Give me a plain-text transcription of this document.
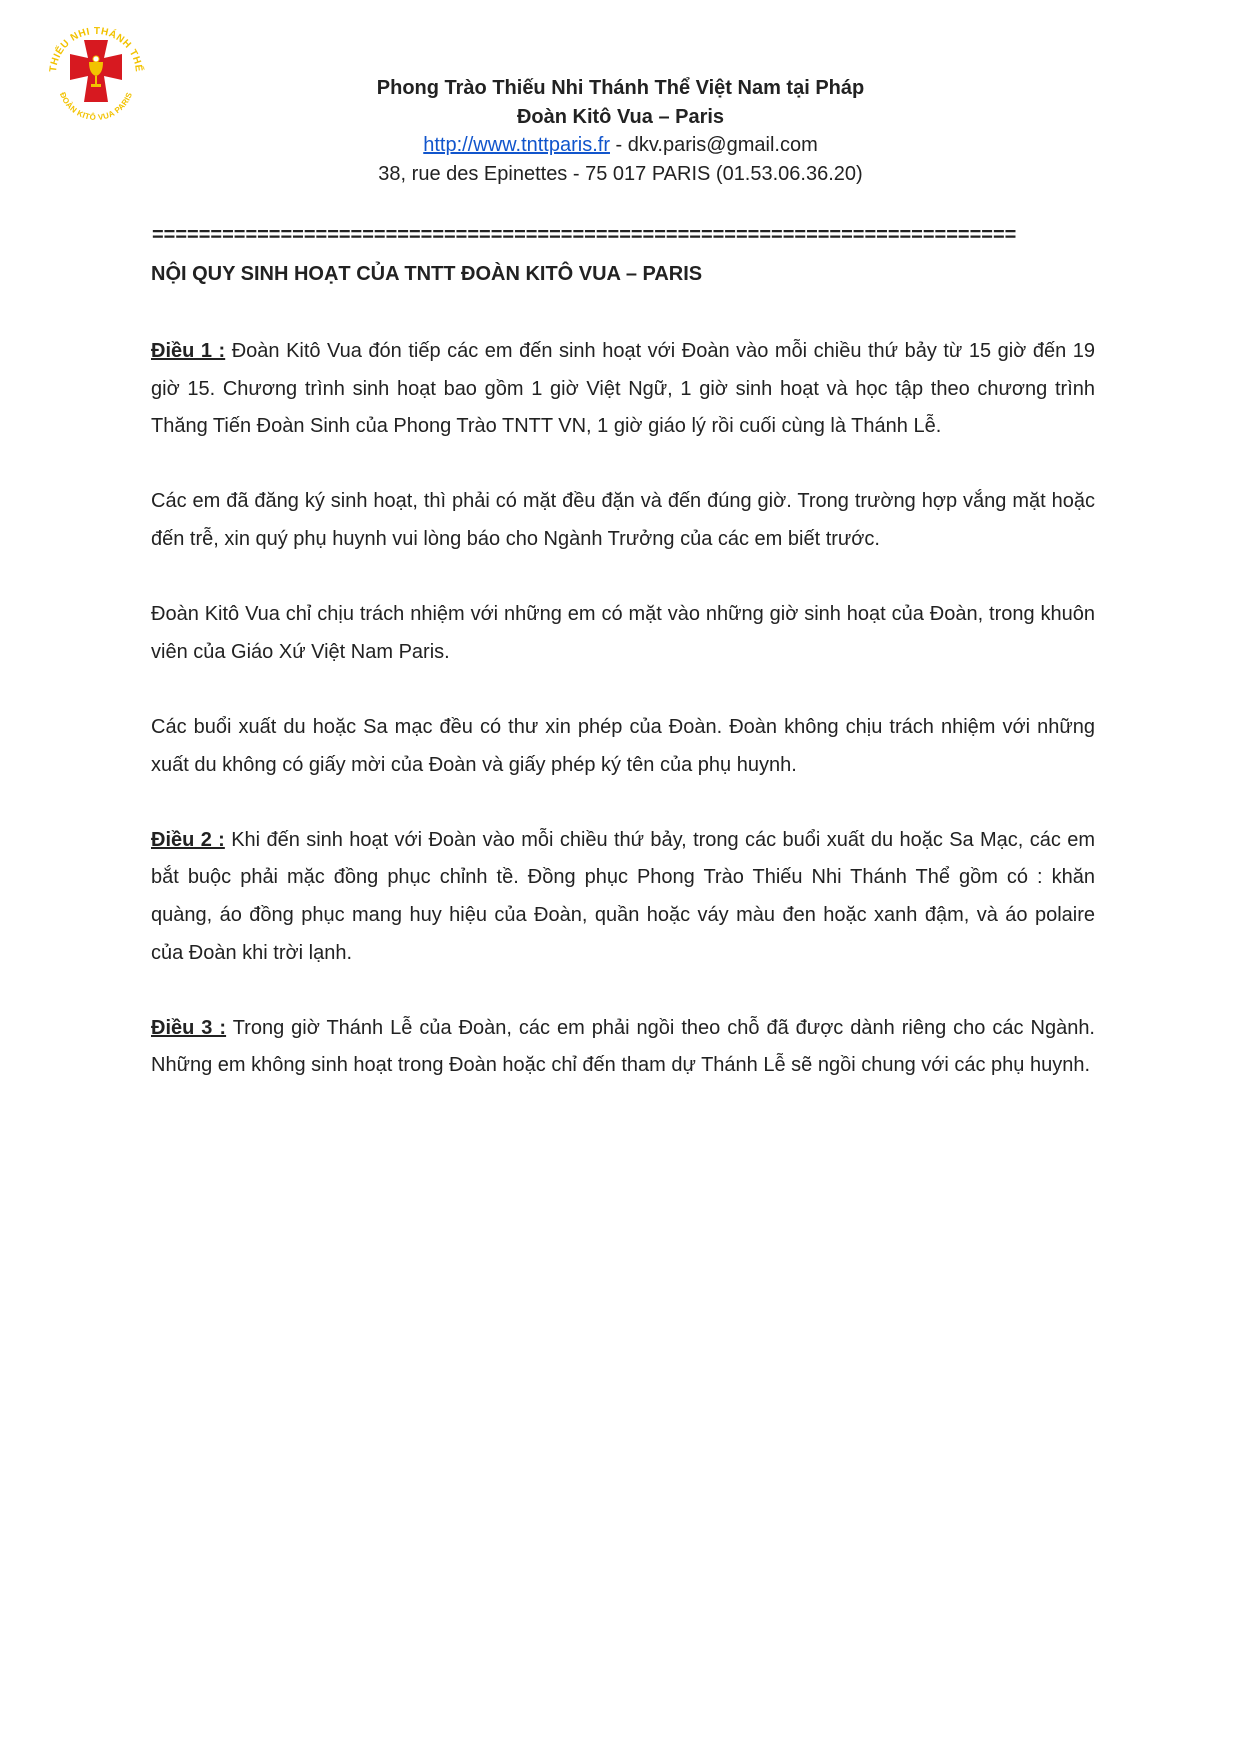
THIẾU NHI THÁNH THỂ
ĐOÀN KITÔ VUA PARIS	Phong Trào Thiếu Nhi Thánh Thể Việt Nam tại Pháp
Đoàn Kitô Vua – Paris
http://www.tnttparis.fr - dkv.paris@gmail.com
38, rue des Epinettes - 75 017 PARIS (01.53.06.36.20)
==========================================================================
NỘI QUY SINH HOẠT CỦA TNTT ĐOÀN KITÔ VUA – PARIS

Điều 1 : Đoàn Kitô Vua đón tiếp các em đến sinh hoạt với Đoàn vào mỗi chiều thứ bảy từ 15 giờ đến 19 giờ 15. Chương trình sinh hoạt bao gồm 1 giờ Việt Ngữ, 1 giờ sinh hoạt và học tập theo chương trình Thăng Tiến Đoàn Sinh của Phong Trào TNTT VN, 1 giờ giáo lý rồi cuối cùng là Thánh Lễ.

Các em đã đăng ký sinh hoạt, thì phải có mặt đều đặn và đến đúng giờ. Trong trường hợp vắng mặt hoặc đến trễ, xin quý phụ huynh vui lòng báo cho Ngành Trưởng của các em biết trước.

Đoàn Kitô Vua chỉ chịu trách nhiệm với những em có mặt vào những giờ sinh hoạt của Đoàn, trong khuôn viên của Giáo Xứ Việt Nam Paris.

Các buổi xuất du hoặc Sa mạc đều có thư xin phép của Đoàn. Đoàn không chịu trách nhiệm với những xuất du không có giấy mời của Đoàn và giấy phép ký tên của phụ huynh.

Điều 2 : Khi đến sinh hoạt với Đoàn vào mỗi chiều thứ bảy, trong các buổi xuất du hoặc Sa Mạc, các em bắt buộc phải mặc đồng phục chỉnh tề. Đồng phục Phong Trào Thiếu Nhi Thánh Thể gồm có : khăn quàng, áo đồng phục mang huy hiệu của Đoàn, quần hoặc váy màu đen hoặc xanh đậm, và áo polaire của Đoàn khi trời lạnh.

Điều 3 : Trong giờ Thánh Lễ của Đoàn, các em phải ngồi theo chỗ đã được dành riêng cho các Ngành. Những em không sinh hoạt trong Đoàn hoặc chỉ đến tham dự Thánh Lễ sẽ ngồi chung với các phụ huynh.
